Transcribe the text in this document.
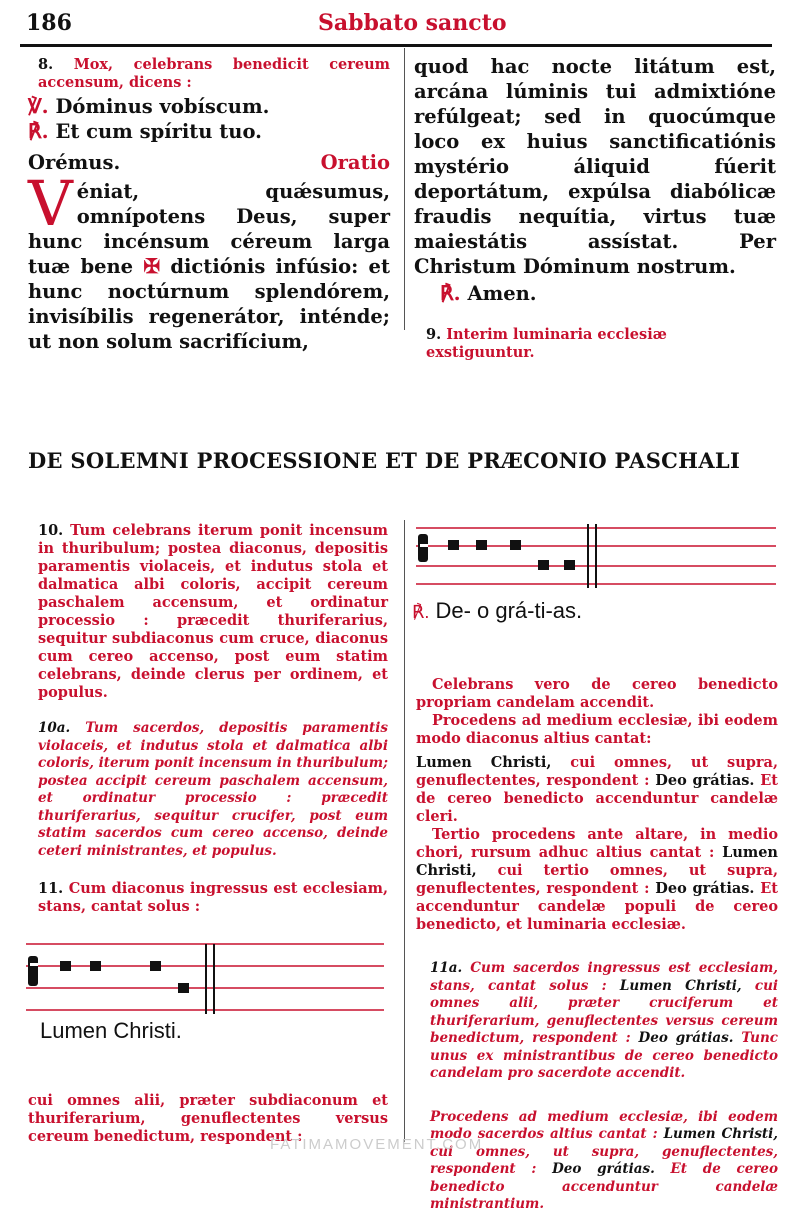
186	Sabbato sancto

8. Mox, celebrans benedicit cereum accensum, dicens :

℣. Dóminus vobíscum.

℟. Et cum spíritu tuo.

Orémus.	Oratio

Véniat, quǽsumus, omnípotens Deus, super hunc incénsum céreum larga tuæ bene ✠ dictiónis infúsio: et hunc noctúrnum splendórem, invisíbilis regenerátor, inténde; ut non solum sacrifícium,

quod hac nocte litátum est, arcána lúminis tui admixtióne refúlgeat; sed in quocúmque loco ex huius sanctificatiónis mystério áliquid fúerit deportátum, expúlsa diabólicæ fraudis nequítia, virtus tuæ maiestátis assístat. Per Christum Dóminum nostrum.

℟. Amen.

9. Interim luminaria ecclesiæ exstiguuntur.

DE SOLEMNI PROCESSIONE ET DE PRÆCONIO PASCHALI

10. Tum celebrans iterum ponit incensum in thuribulum; postea diaconus, depositis paramentis violaceis, et indutus stola et dalmatica albi coloris, accipit cereum paschalem accensum, et ordinatur processio : præcedit thuriferarius, sequitur subdiaconus cum cruce, diaconus cum cereo accenso, post eum statim celebrans, deinde clerus per ordinem, et populus.

10a. Tum sacerdos, depositis paramentis violaceis, et indutus stola et dalmatica albi coloris, iterum ponit incensum in thuribulum; postea accipit cereum paschalem accensum, et ordinatur processio : præcedit thuriferarius, sequitur crucifer, post eum statim sacerdos cum cereo accenso, deinde ceteri ministrantes, et populus.

11. Cum diaconus ingressus est ecclesiam, stans, cantat solus :

Lumen Christi.

cui omnes alii, præter subdiaconum et thuriferarium, genuflectentes versus cereum benedictum, respondent :

℟. De- o grá-ti-as.

Celebrans vero de cereo benedicto propriam candelam accendit.

Procedens ad medium ecclesiæ, ibi eodem modo diaconus altius cantat:

Lumen Christi, cui omnes, ut supra, genuflectentes, respondent : Deo grátias. Et de cereo benedicto accenduntur candelæ cleri.

Tertio procedens ante altare, in medio chori, rursum adhuc altius cantat : Lumen Christi, cui tertio omnes, ut supra, genuflectentes, respondent : Deo grátias. Et accenduntur candelæ populi de cereo benedicto, et luminaria ecclesiæ.

11a. Cum sacerdos ingressus est ecclesiam, stans, cantat solus : Lumen Christi, cui omnes alii, præter cruciferum et thuriferarium, genuflectentes versus cereum benedictum, respondent : Deo grátias. Tunc unus ex ministrantibus de cereo benedicto candelam pro sacerdote accendit.

Procedens ad medium ecclesiæ, ibi eodem modo sacerdos altius cantat : Lumen Christi, cui omnes, ut supra, genuflectentes, respondent : Deo grátias. Et de cereo benedicto accenduntur candelæ ministrantium.

FATIMAMOVEMENT.COM
